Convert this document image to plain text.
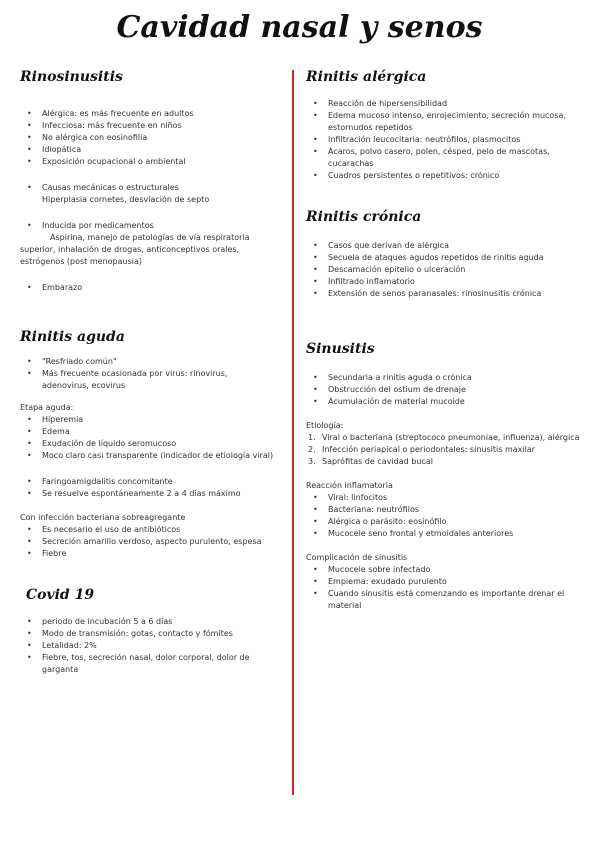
Cavidad nasal y senos
Rinosinusitis
• Alérgica: es más frecuente en adultos
• Infecciosa: más frecuente en niños
• No alérgica con eosinofilia
• Idiopática
• Exposición ocupacional o ambiental
• Causas mecánicas o estructurales

Hiperplasia cornetes, desviación de septo

• Inducida por medicamentos

Aspirina, manejo de patologías de vía respiratoria superior, inhalación de drogas, anticonceptivos orales, estrógenos (post menopausia)

• Embarazo
Rinitis aguda
• "Resfriado común"
• Más frecuente ocasionada por virus: rinovirus, adenovirus, ecovirus

Etapa aguda:

• Hiperemia
• Edema
• Exudación de líquido seromucoso
• Moco claro casi transparente (indicador de etiología viral)
• Faringoamigdalitis concomitante
• Se resuelve espontáneamente 2 a 4 días máximo

Con infección bacteriana sobreagregante

• Es necesario el uso de antibióticos
• Secreción amarillo verdoso, aspecto purulento, espesa
• Fiebre
Covid 19
• periodo de incubación 5 a 6 días
• Modo de transmisión: gotas, contacto y fómites
• Letalidad: 2%
• Fiebre, tos, secreción nasal, dolor corporal, dolor de garganta
Rinitis alérgica
• Reacción de hipersensibilidad
• Edema mucoso intenso, enrojecimiento, secreción mucosa, estornudos repetidos
• Infiltración leucocitaria: neutrófilos, plasmocitos
• Ácaros, polvo casero, polen, césped, pelo de mascotas, cucarachas
• Cuadros persistentes o repetitivos: crónico
Rinitis crónica
• Casos que derivan de alérgica
• Secuela de ataques agudos repetidos de rinitis aguda
• Descamación epitelio o ulceración
• Infiltrado inflamatorio
• Extensión de senos paranasales: rinosinusitis crónica
Sinusitis
• Secundaria a rinitis aguda o crónica
• Obstrucción del ostium de drenaje
• Acumulación de material mucoide

Etiología:

1. Viral o bacteriana (streptococo pneumoniae, influenza), alérgica
2. Infección periapical o periodontales: sinusitis maxilar
3. Saprófitas de cavidad bucal

Reacción inflamatoria

• Viral: linfocitos
• Bacteriana: neutrófilos
• Alérgica o parásito: eosinófilo
• Mucocele seno frontal y etmoidales anteriores

Complicación de sinusitis

• Mucocele sobre infectado
• Empiema: exudado purulento
• Cuando sinusitis está comenzando es importante drenar el material
